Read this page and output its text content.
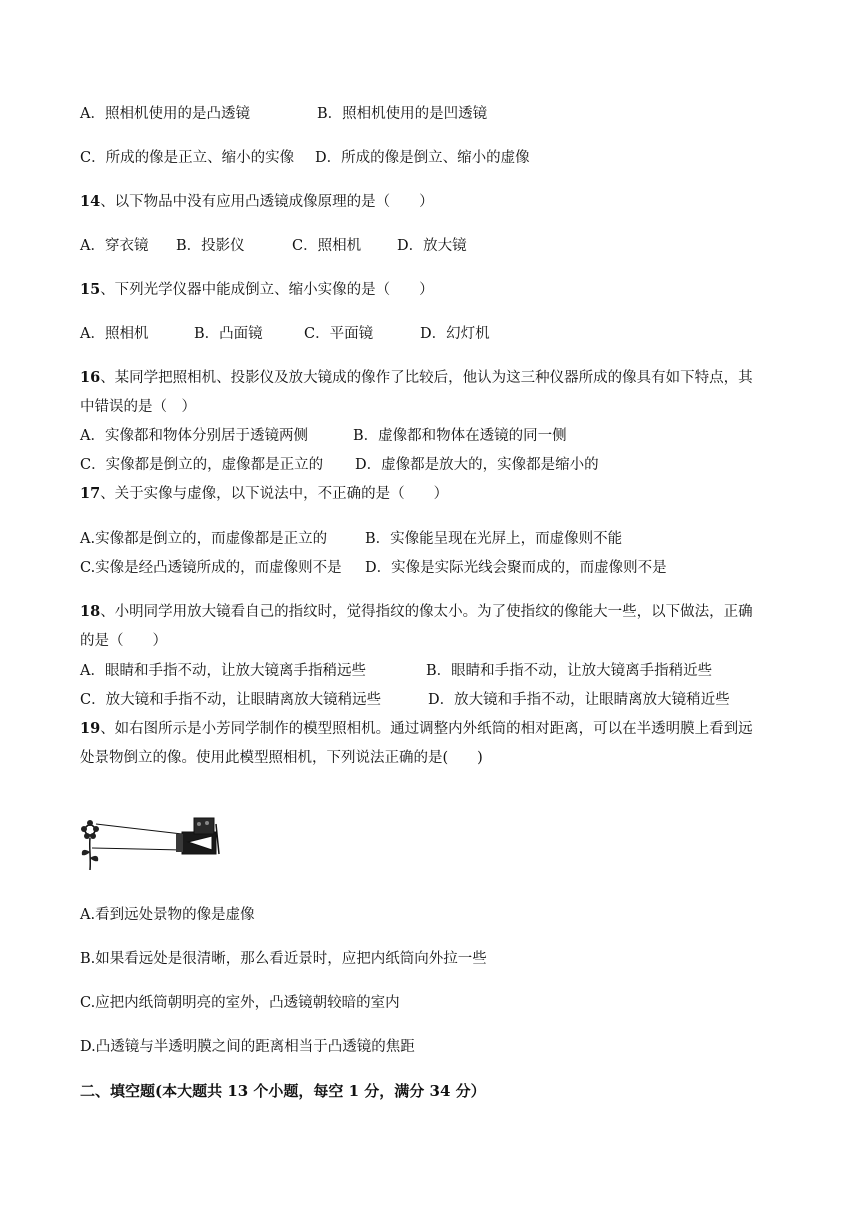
A．照相机使用的是凸透镜	B．照相机使用的是凹透镜
C．所成的像是正立、缩小的实像 D．所成的像是倒立、缩小的虚像
14、以下物品中没有应用凸透镜成像原理的是（　　）
A．穿衣镜 B．投影仪	C．照相机 D．放大镜
15、下列光学仪器中能成倒立、缩小实像的是（　　）
A．照相机	B．凸面镜	C．平面镜	D．幻灯机
16、某同学把照相机、投影仪及放大镜成的像作了比较后，他认为这三种仪器所成的像具有如下特点，其
中错误的是（　）
A．实像都和物体分别居于透镜两侧	B．虚像都和物体在透镜的同一侧
C．实像都是倒立的，虚像都是正立的 D．虚像都是放大的，实像都是缩小的
17、关于实像与虚像，以下说法中，不正确的是（　　）
A.实像都是倒立的，而虚像都是正立的	B．实像能呈现在光屏上，而虚像则不能
C.实像是经凸透镜所成的，而虚像则不是 D．实像是实际光线会聚而成的，而虚像则不是
18、小明同学用放大镜看自己的指纹时，觉得指纹的像太小。为了使指纹的像能大一些，以下做法，正确
的是（　　）
A．眼睛和手指不动，让放大镜离手指稍远些	B．眼睛和手指不动，让放大镜离手指稍近些
C．放大镜和手指不动，让眼睛离放大镜稍远些	D．放大镜和手指不动，让眼睛离放大镜稍近些
19、如右图所示是小芳同学制作的模型照相机。通过调整内外纸筒的相对距离，可以在半透明膜上看到远
处景物倒立的像。使用此模型照相机，下列说法正确的是(　　)
A.看到远处景物的像是虚像
B.如果看远处是很清晰，那么看近景时，应把内纸筒向外拉一些
C.应把内纸筒朝明亮的室外，凸透镜朝较暗的室内
D.凸透镜与半透明膜之间的距离相当于凸透镜的焦距
二、填空题(本大题共 13 个小题，每空 1 分，满分 34 分）
